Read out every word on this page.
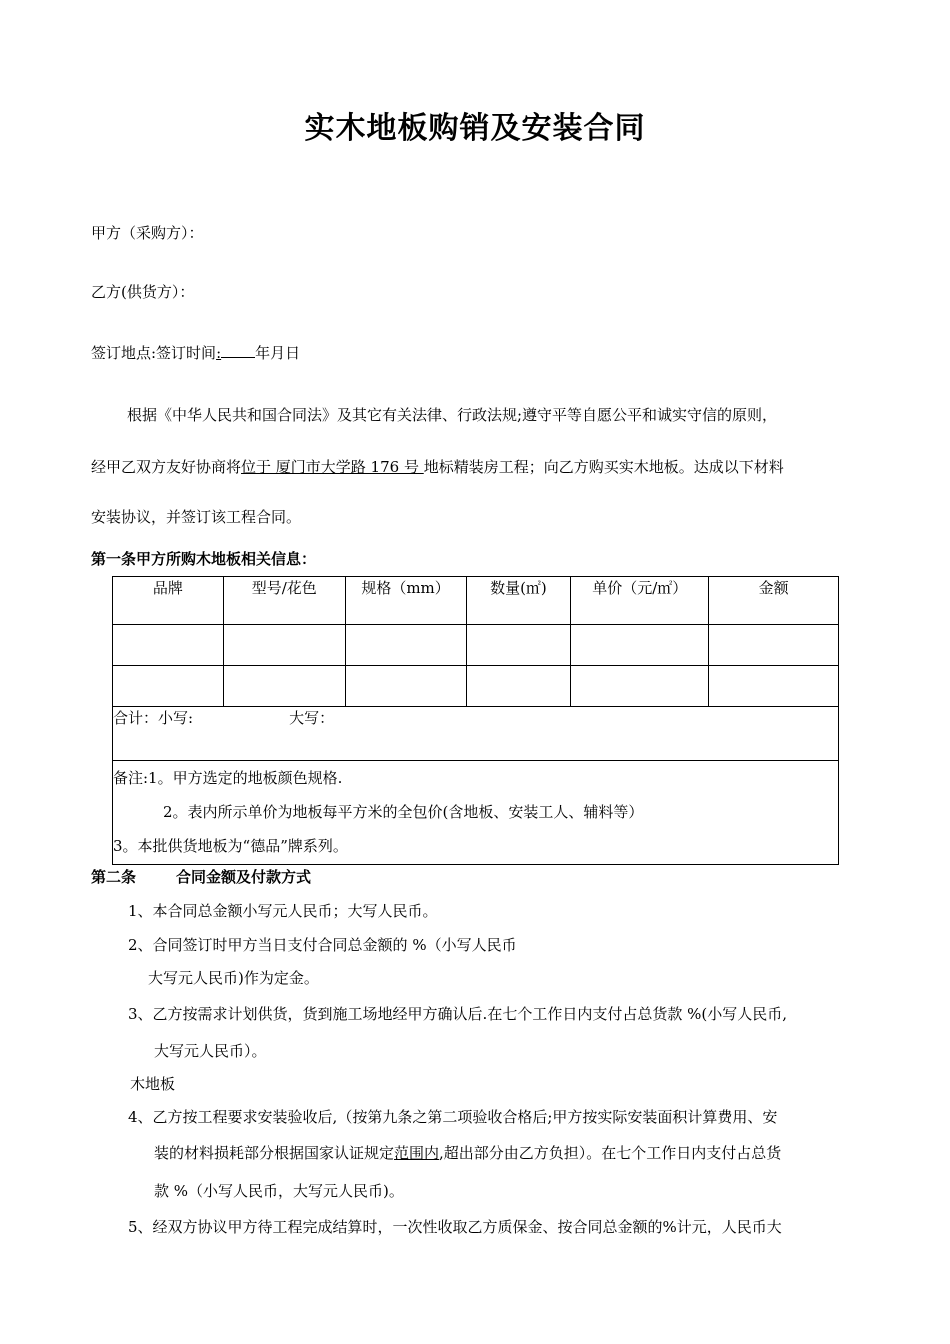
实木地板购销及安装合同
甲方（采购方）：
乙方(供货方）：
签订地点:签订时间: 年月日
根据《中华人民共和国合同法》及其它有关法律、行政法规;遵守平等自愿公平和诚实守信的原则，
经甲乙双方友好协商将位于 厦门市大学路 176 号 地标精装房工程；向乙方购买实木地板。达成以下材料
安装协议，并签订该工程合同。
第一条甲方所购木地板相关信息：
品牌	型号/花色	规格（mm）	数量(㎡)	单价（元/㎡）	金额

合计：小写: 大写：					

备注:1。甲方选定的地板颜色规格.
2。表内所示单价为地板每平方米的全包价(含地板、安装工人、辅料等）
3。本批供货地板为“德品”牌系列。					
第二条	合同金额及付款方式
1、本合同总金额小写元人民币；大写人民币。
2、合同签订时甲方当日支付合同总金额的 %（小写人民币
大写元人民币)作为定金。
3、乙方按需求计划供货，货到施工场地经甲方确认后.在七个工作日内支付占总货款 %(小写人民币,
大写元人民币）。
木地板
4、乙方按工程要求安装验收后,（按第九条之第二项验收合格后;甲方按实际安装面积计算费用、安
装的材料损耗部分根据国家认证规定范围内,超出部分由乙方负担）。在七个工作日内支付占总货
款 %（小写人民币，大写元人民币)。
5、经双方协议甲方待工程完成结算时，一次性收取乙方质保金、按合同总金额的%计元，人民币大
